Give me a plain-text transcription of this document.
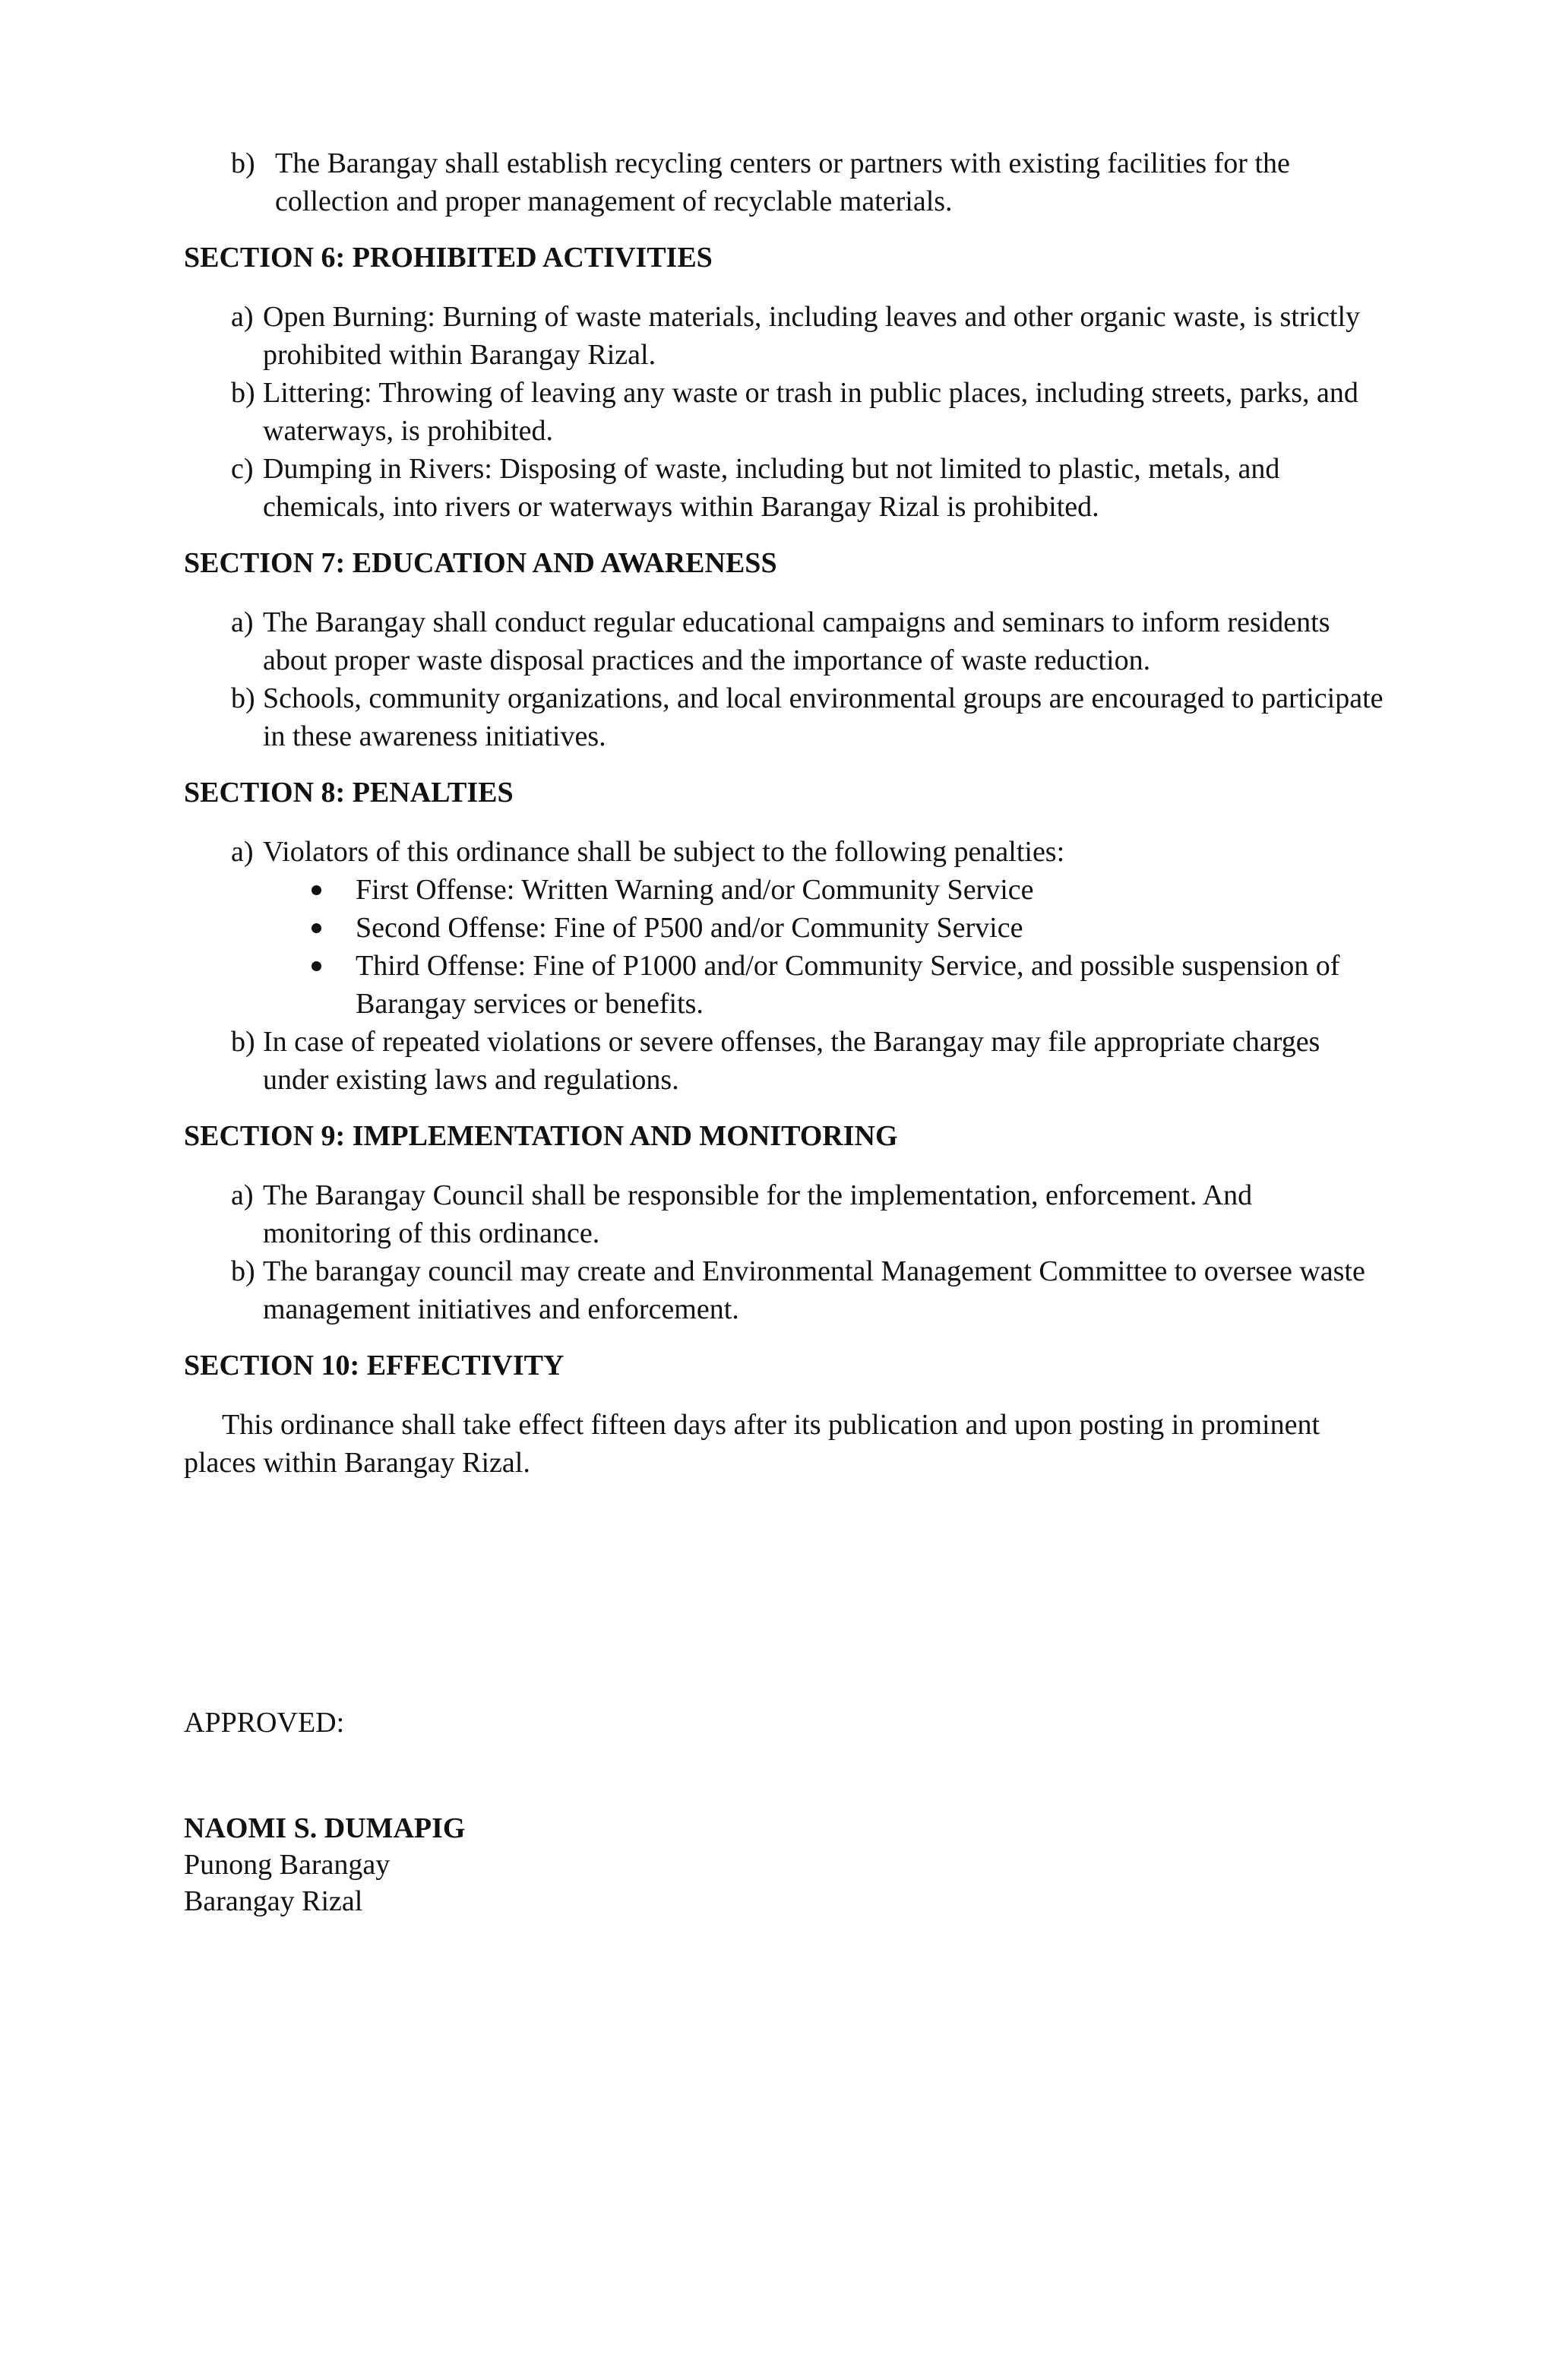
b) The Barangay shall establish recycling centers or partners with existing facilities for the collection and proper management of recyclable materials.
SECTION 6: PROHIBITED ACTIVITIES
a) Open Burning: Burning of waste materials, including leaves and other organic waste, is strictly prohibited within Barangay Rizal.
b) Littering: Throwing of leaving any waste or trash in public places, including streets, parks, and waterways, is prohibited.
c) Dumping in Rivers: Disposing of waste, including but not limited to plastic, metals, and chemicals, into rivers or waterways within Barangay Rizal is prohibited.
SECTION 7: EDUCATION AND AWARENESS
a) The Barangay shall conduct regular educational campaigns and seminars to inform residents about proper waste disposal practices and the importance of waste reduction.
b) Schools, community organizations, and local environmental groups are encouraged to participate in these awareness initiatives.
SECTION 8: PENALTIES
a) Violators of this ordinance shall be subject to the following penalties:
First Offense: Written Warning and/or Community Service
Second Offense: Fine of P500 and/or Community Service
Third Offense: Fine of P1000 and/or Community Service, and possible suspension of Barangay services or benefits.
b) In case of repeated violations or severe offenses, the Barangay may file appropriate charges under existing laws and regulations.
SECTION 9: IMPLEMENTATION AND MONITORING
a) The Barangay Council shall be responsible for the implementation, enforcement. And monitoring of this ordinance.
b) The barangay council may create and Environmental Management Committee to oversee waste management initiatives and enforcement.
SECTION 10: EFFECTIVITY

This ordinance shall take effect fifteen days after its publication and upon posting in prominent places within Barangay Rizal.

APPROVED:
NAOMI S. DUMAPIG
Punong Barangay
Barangay Rizal
